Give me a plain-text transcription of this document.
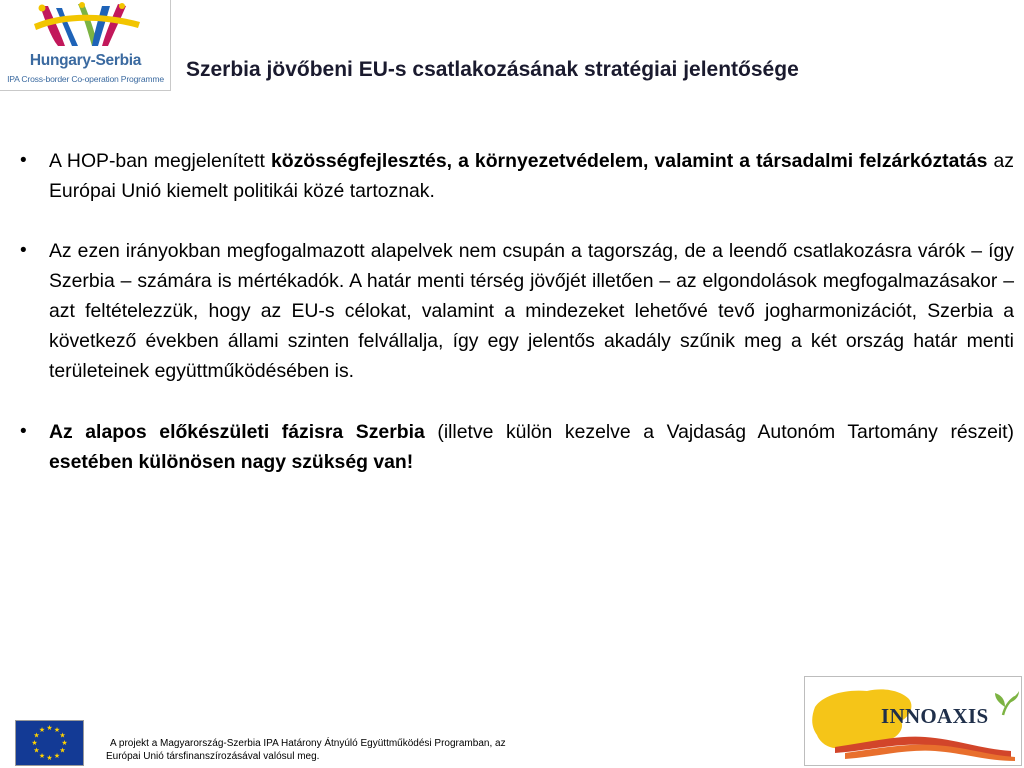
Hungary-Serbia
IPA Cross-border Co-operation Programme	Szerbia jövőbeni EU-s csatlakozásának stratégiai jelentősége
• A HOP-ban megjelenített közösségfejlesztés, a környezetvédelem, valamint a társadalmi felzárkóztatás az Európai Unió kiemelt politikái közé tartoznak.
• Az ezen irányokban megfogalmazott alapelvek nem csupán a tagország, de a leendő csatlakozásra várók – így Szerbia – számára is mértékadók. A határ menti térség jövőjét illetően – az elgondolások megfogalmazásakor – azt feltételezzük, hogy az EU-s célokat, valamint a mindezeket lehetővé tevő jogharmonizációt, Szerbia a következő években állami szinten felvállalja, így egy jelentős akadály szűnik meg a két ország határ menti területeinek együttműködésében is.
• Az alapos előkészületi fázisra Szerbia (illetve külön kezelve a Vajdaság Autonóm Tartomány részeit) esetében különösen nagy szükség van!
★ ★
★
★
★
★
★
★
★
★
★
★
A projekt a Magyarország-Szerbia IPA Határony Átnyúló Együttműködési Programban, az
Európai Unió társfinanszírozásával valósul meg.
INNOAXIS
